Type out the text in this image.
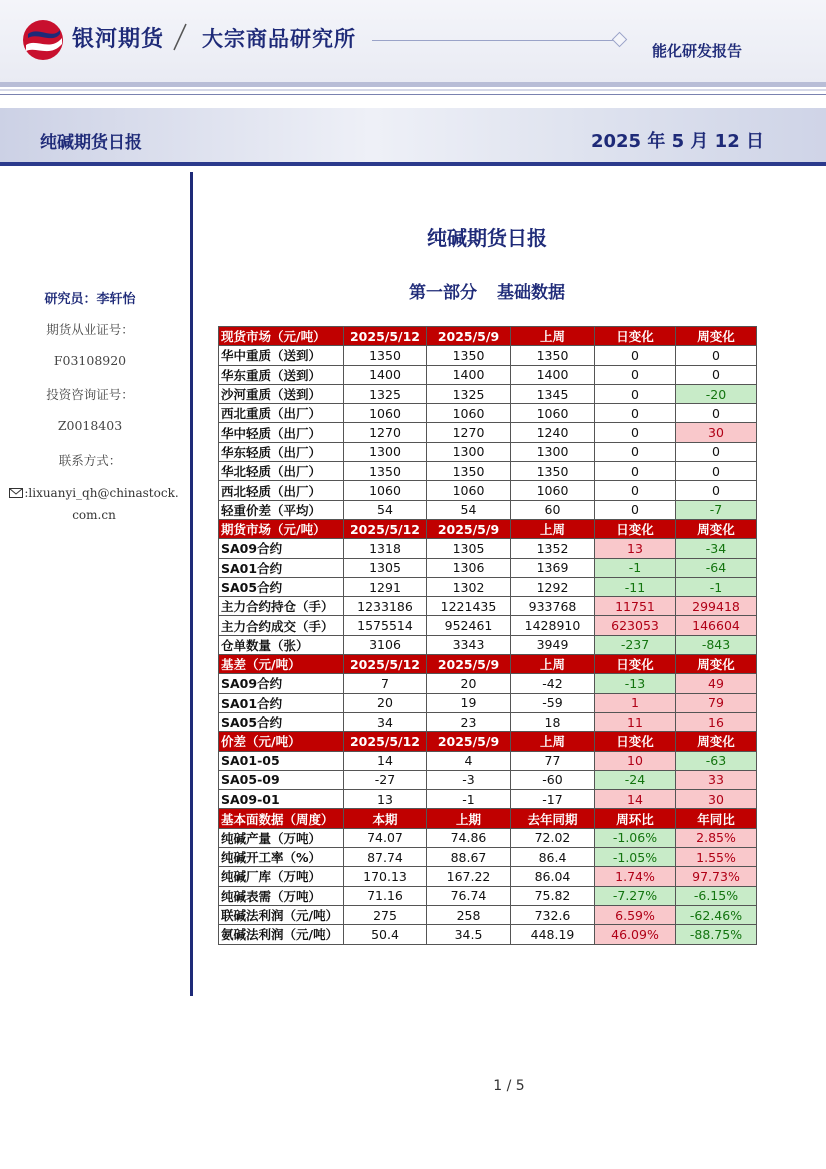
银河期货 大宗商品研究所	能化研发报告
纯碱期货日报	2025 年 5 月 12 日
研究员：李轩怡
期货从业证号：
F03108920
投资咨询证号：
Z0018403
联系方式：
:lixuanyi_qh@chinastock.com.cn
纯碱期货日报
第一部分 基础数据
现货市场（元/吨）	2025/5/12	2025/5/9	上周	日变化	周变化
华中重质（送到）	1350	1350	1350	0	0
华东重质（送到）	1400	1400	1400	0	0
沙河重质（送到）	1325	1325	1345	0	-20
西北重质（出厂）	1060	1060	1060	0	0
华中轻质（出厂）	1270	1270	1240	0	30
华东轻质（出厂）	1300	1300	1300	0	0
华北轻质（出厂）	1350	1350	1350	0	0
西北轻质（出厂）	1060	1060	1060	0	0
轻重价差（平均）	54	54	60	0	-7
期货市场（元/吨）	2025/5/12	2025/5/9	上周	日变化	周变化
SA09合约	1318	1305	1352	13	-34
SA01合约	1305	1306	1369	-1	-64
SA05合约	1291	1302	1292	-11	-1
主力合约持仓（手）	1233186	1221435	933768	11751	299418
主力合约成交（手）	1575514	952461	1428910	623053	146604
仓单数量（张）	3106	3343	3949	-237	-843
基差（元/吨）	2025/5/12	2025/5/9	上周	日变化	周变化
SA09合约	7	20	-42	-13	49
SA01合约	20	19	-59	1	79
SA05合约	34	23	18	11	16
价差（元/吨）	2025/5/12	2025/5/9	上周	日变化	周变化
SA01-05	14	4	77	10	-63
SA05-09	-27	-3	-60	-24	33
SA09-01	13	-1	-17	14	30
基本面数据（周度）	本期	上期	去年同期	周环比	年同比
纯碱产量（万吨）	74.07	74.86	72.02	-1.06%	2.85%
纯碱开工率（%）	87.74	88.67	86.4	-1.05%	1.55%
纯碱厂库（万吨）	170.13	167.22	86.04	1.74%	97.73%
纯碱表需（万吨）	71.16	76.74	75.82	-7.27%	-6.15%
联碱法利润（元/吨）	275	258	732.6	6.59%	-62.46%
氨碱法利润（元/吨）	50.4	34.5	448.19	46.09%	-88.75%
1 / 5
